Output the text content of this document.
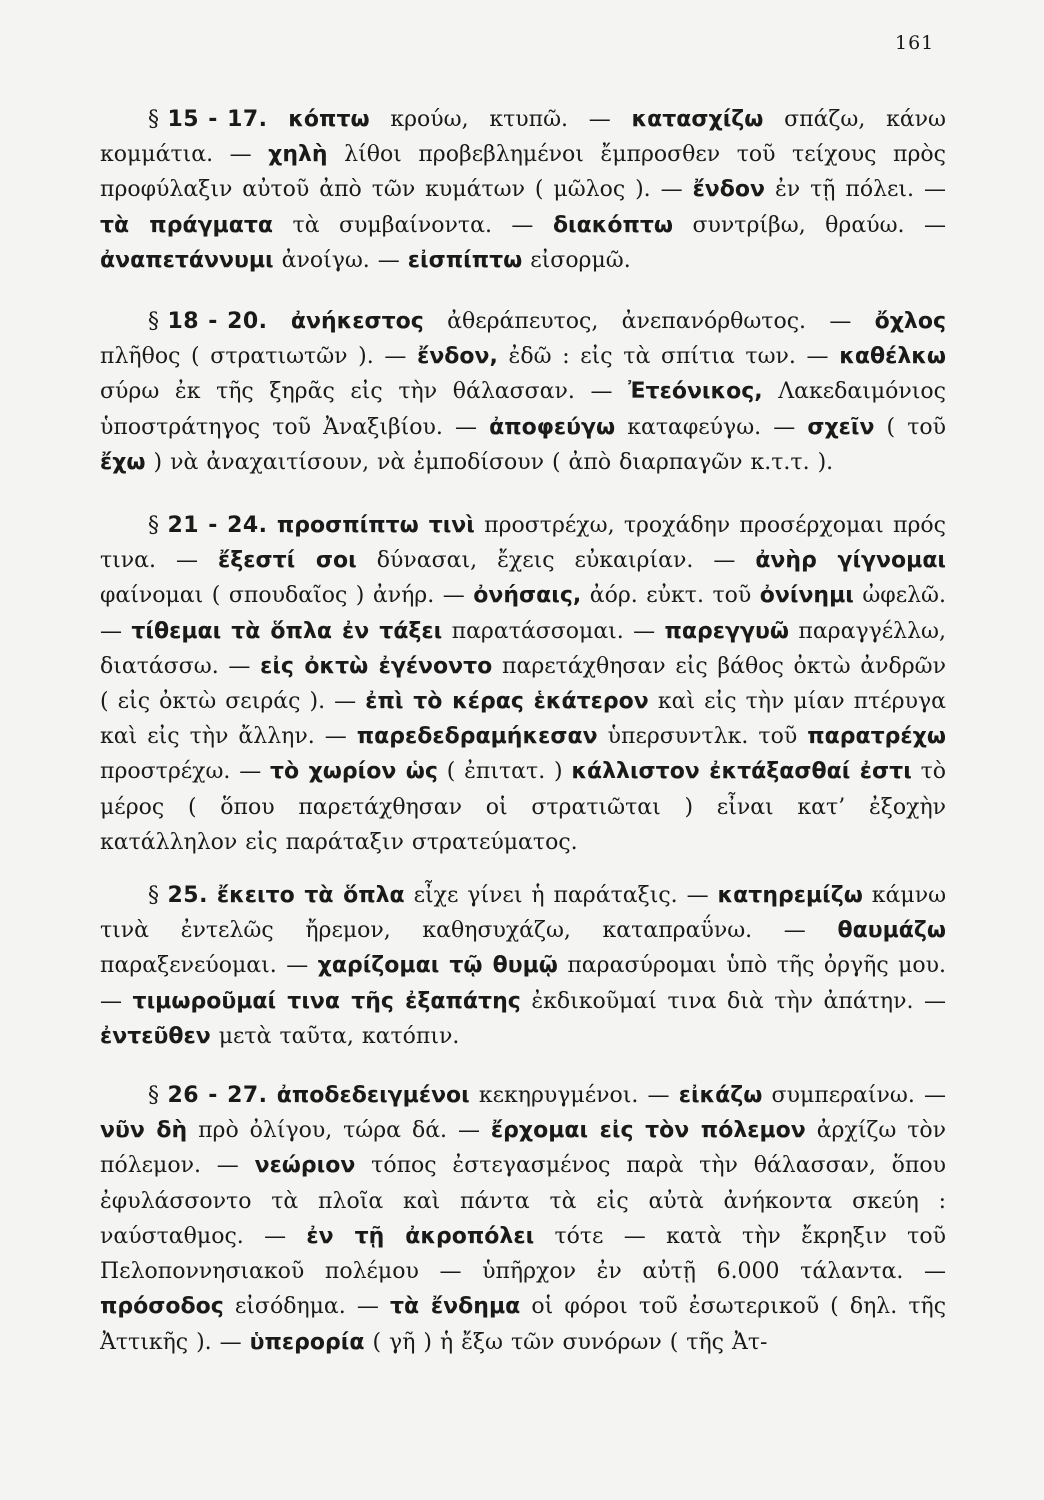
161

§ 15 - 17. κόπτω κρούω, κτυπῶ. — κατασχίζω σπάζω, κάνω κομμάτια. — χηλὴ λίθοι προβεβλημένοι ἔμπροσθεν τοῦ τείχους πρὸς προφύλαξιν αὐτοῦ ἀπὸ τῶν κυμάτων ( μῶλος ). — ἔνδον ἐν τῇ πόλει. — τὰ πράγματα τὰ συμβαίνοντα. — διακόπτω συντρίβω, θραύω. — ἀναπετάννυμι ἀνοίγω. — εἰσπίπτω εἰσορμῶ.

§ 18 - 20. ἀνήκεστος ἀθεράπευτος, ἀνεπανόρθωτος. — ὄχλος πλῆθος ( στρατιωτῶν ). — ἔνδον, ἐδῶ : εἰς τὰ σπίτια των. — καθέλκω σύρω ἐκ τῆς ξηρᾶς εἰς τὴν θάλασσαν. — Ἐτεόνικος, Λακεδαιμόνιος ὑποστράτηγος τοῦ Ἀναξιβίου. — ἀποφεύγω καταφεύγω. — σχεῖν ( τοῦ ἔχω ) νὰ ἀναχαιτίσουν, νὰ ἐμποδίσουν ( ἀπὸ διαρπαγῶν κ.τ.τ. ).

§ 21 - 24. προσπίπτω τινὶ προστρέχω, τροχάδην προσέρχομαι πρός τινα. — ἔξεστί σοι δύνασαι, ἔχεις εὐκαιρίαν. — ἀνὴρ γίγνομαι φαίνομαι ( σπουδαῖος ) ἀνήρ. — ὀνήσαις, ἀόρ. εὐκτ. τοῦ ὀνίνημι ὠφελῶ. — τίθεμαι τὰ ὅπλα ἐν τάξει παρατάσσομαι. — παρεγγυῶ παραγγέλλω, διατάσσω. — εἰς ὀκτὼ ἐγένοντο παρετάχθησαν εἰς βάθος ὀκτὼ ἀνδρῶν ( εἰς ὀκτὼ σειράς ). — ἐπὶ τὸ κέρας ἑκάτερον καὶ εἰς τὴν μίαν πτέρυγα καὶ εἰς τὴν ἄλλην. — παρεδεδραμήκεσαν ὑπερσυντλκ. τοῦ παρατρέχω προστρέχω. — τὸ χωρίον ὡς ( ἐπιτατ. ) κάλλιστον ἐκτάξασθαί ἐστι τὸ μέρος ( ὅπου παρετάχθησαν οἱ στρατιῶται ) εἶναι κατ’ ἐξοχὴν κατάλληλον εἰς παράταξιν στρατεύματος.

§ 25. ἔκειτο τὰ ὅπλα εἶχε γίνει ἡ παράταξις. — κατηρεμίζω κάμνω τινὰ ἐντελῶς ἤρεμον, καθησυχάζω, καταπραΰνω. — θαυμάζω παραξενεύομαι. — χαρίζομαι τῷ θυμῷ παρασύρομαι ὑπὸ τῆς ὀργῆς μου. — τιμωροῦμαί τινα τῆς ἐξαπάτης ἐκδικοῦμαί τινα διὰ τὴν ἀπάτην. — ἐντεῦθεν μετὰ ταῦτα, κατόπιν.

§ 26 - 27. ἀποδεδειγμένοι κεκηρυγμένοι. — εἰκάζω συμπεραίνω. — νῦν δὴ πρὸ ὀλίγου, τώρα δά. — ἔρχομαι εἰς τὸν πόλεμον ἀρχίζω τὸν πόλεμον. — νεώριον τόπος ἐστεγασμένος παρὰ τὴν θάλασσαν, ὅπου ἐφυλάσσοντο τὰ πλοῖα καὶ πάντα τὰ εἰς αὐτὰ ἀνήκοντα σκεύη : ναύσταθμος. — ἐν τῇ ἀκροπόλει τότε — κατὰ τὴν ἔκρηξιν τοῦ Πελοποννησιακοῦ πολέμου — ὑπῆρχον ἐν αὐτῇ 6.000 τάλαντα. — πρόσοδος εἰσόδημα. — τὰ ἔνδημα οἱ φόροι τοῦ ἐσωτερικοῦ ( δηλ. τῆς Ἀττικῆς ). — ὑπερορία ( γῆ ) ἡ ἔξω τῶν συνόρων ( τῆς Ἀτ-
